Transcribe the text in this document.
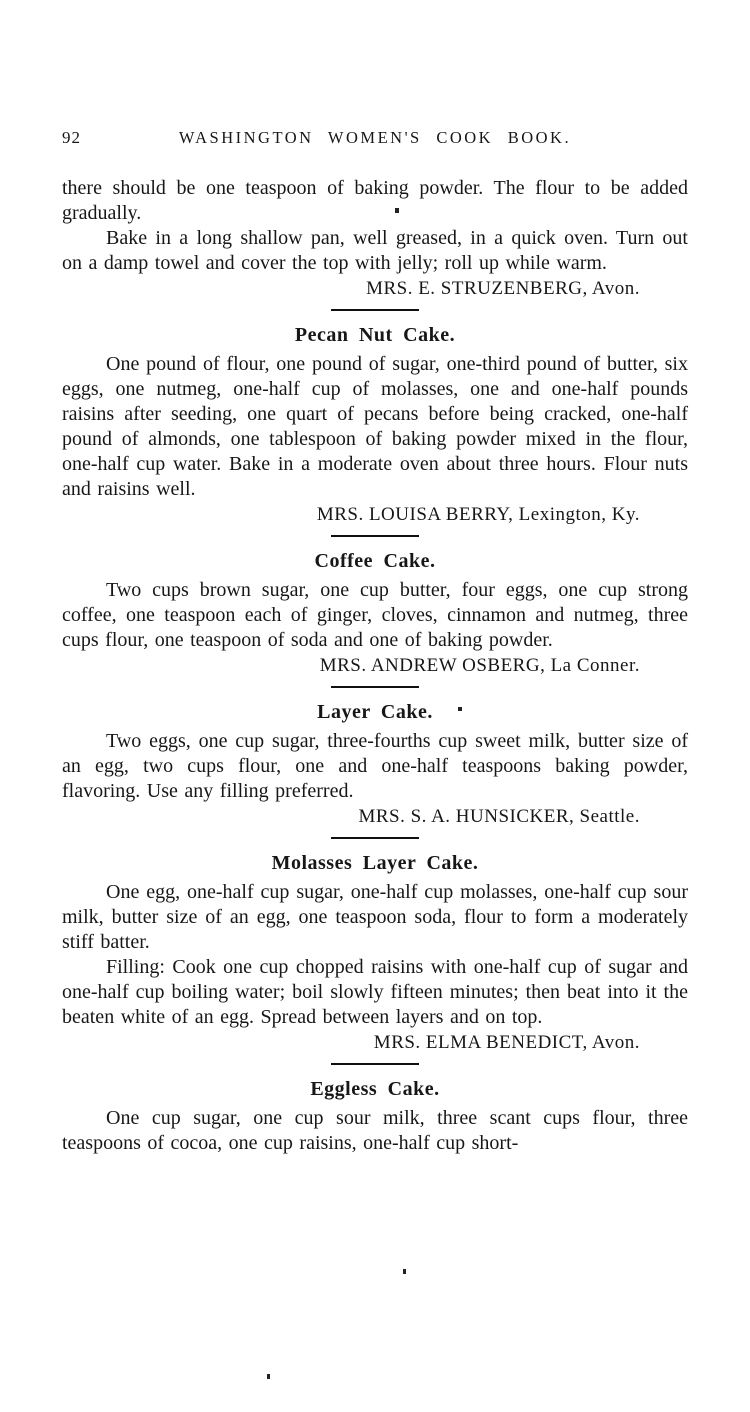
92	WASHINGTON WOMEN'S COOK BOOK.

there should be one teaspoon of baking powder. The flour to be added gradually.

Bake in a long shallow pan, well greased, in a quick oven. Turn out on a damp towel and cover the top with jelly; roll up while warm.

MRS. E. STRUZENBERG, Avon.

Pecan Nut Cake.

One pound of flour, one pound of sugar, one-third pound of butter, six eggs, one nutmeg, one-half cup of molasses, one and one-half pounds raisins after seeding, one quart of pecans before being cracked, one-half pound of almonds, one tablespoon of baking powder mixed in the flour, one-half cup water. Bake in a moderate oven about three hours. Flour nuts and raisins well.

MRS. LOUISA BERRY, Lexington, Ky.

Coffee Cake.

Two cups brown sugar, one cup butter, four eggs, one cup strong coffee, one teaspoon each of ginger, cloves, cinnamon and nutmeg, three cups flour, one teaspoon of soda and one of baking powder.

MRS. ANDREW OSBERG, La Conner.

Layer Cake.

Two eggs, one cup sugar, three-fourths cup sweet milk, butter size of an egg, two cups flour, one and one-half teaspoons baking powder, flavoring. Use any filling preferred.

MRS. S. A. HUNSICKER, Seattle.

Molasses Layer Cake.

One egg, one-half cup sugar, one-half cup molasses, one-half cup sour milk, butter size of an egg, one teaspoon soda, flour to form a moderately stiff batter.

Filling: Cook one cup chopped raisins with one-half cup of sugar and one-half cup boiling water; boil slowly fifteen minutes; then beat into it the beaten white of an egg. Spread between layers and on top.

MRS. ELMA BENEDICT, Avon.

Eggless Cake.

One cup sugar, one cup sour milk, three scant cups flour, three teaspoons of cocoa, one cup raisins, one-half cup short-
